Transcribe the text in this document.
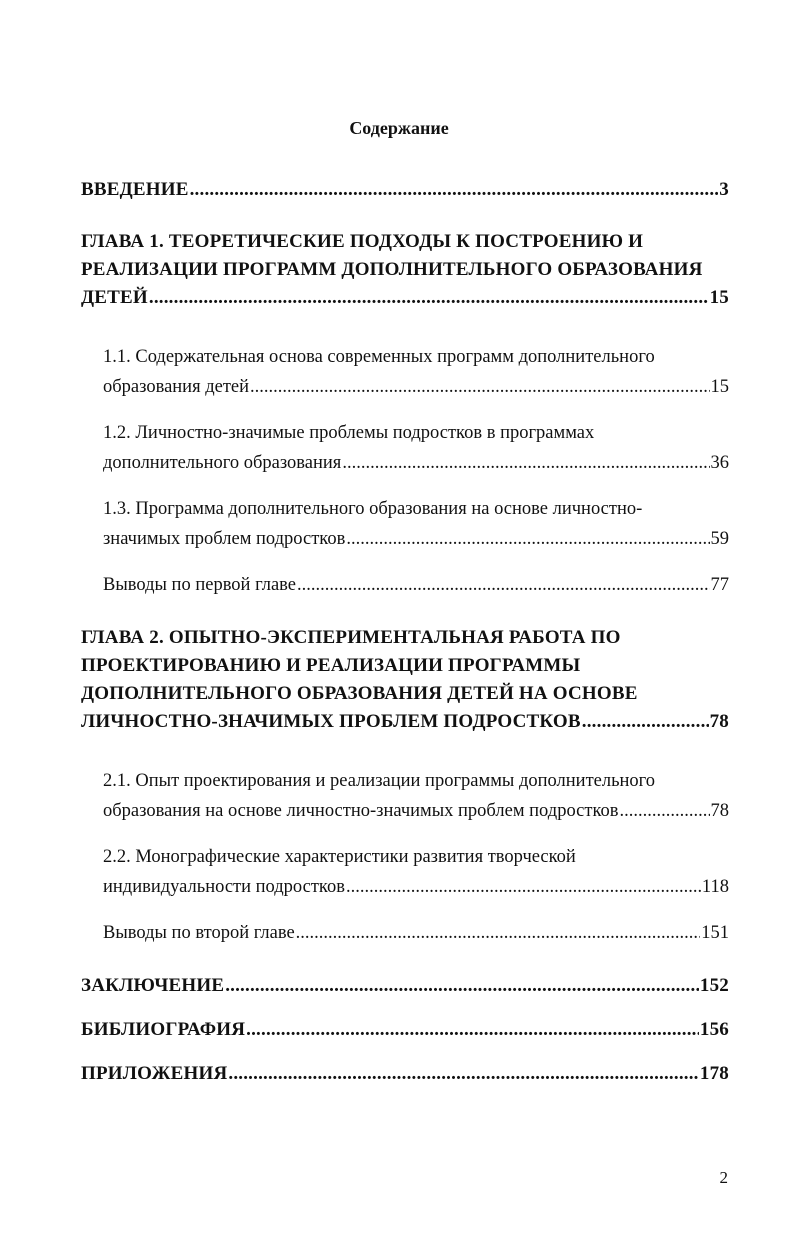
Содержание
ВВЕДЕНИЕ .....	3
ГЛАВА 1. ТЕОРЕТИЧЕСКИЕ ПОДХОДЫ К ПОСТРОЕНИЮ И
РЕАЛИЗАЦИИ ПРОГРАММ ДОПОЛНИТЕЛЬНОГО ОБРАЗОВАНИЯ
ДЕТЕЙ .....	15
1.1. Содержательная основа современных программ дополнительного
образования детей .....	15
1.2. Личностно-значимые проблемы подростков в программах
дополнительного образования .....	36
1.3. Программа дополнительного образования на основе личностно-
значимых проблем подростков .....	59
Выводы по первой главе .....	77
ГЛАВА 2. ОПЫТНО-ЭКСПЕРИМЕНТАЛЬНАЯ РАБОТА ПО
ПРОЕКТИРОВАНИЮ И РЕАЛИЗАЦИИ ПРОГРАММЫ
ДОПОЛНИТЕЛЬНОГО ОБРАЗОВАНИЯ ДЕТЕЙ НА ОСНОВЕ
ЛИЧНОСТНО-ЗНАЧИМЫХ ПРОБЛЕМ ПОДРОСТКОВ .....	78
2.1. Опыт проектирования и реализации программы дополнительного
образования на основе личностно-значимых проблем подростков .....	78
2.2. Монографические характеристики развития творческой
индивидуальности подростков .....	118
Выводы по второй главе .....	151
ЗАКЛЮЧЕНИЕ .....	152
БИБЛИОГРАФИЯ .....	156
ПРИЛОЖЕНИЯ .....	178
2
